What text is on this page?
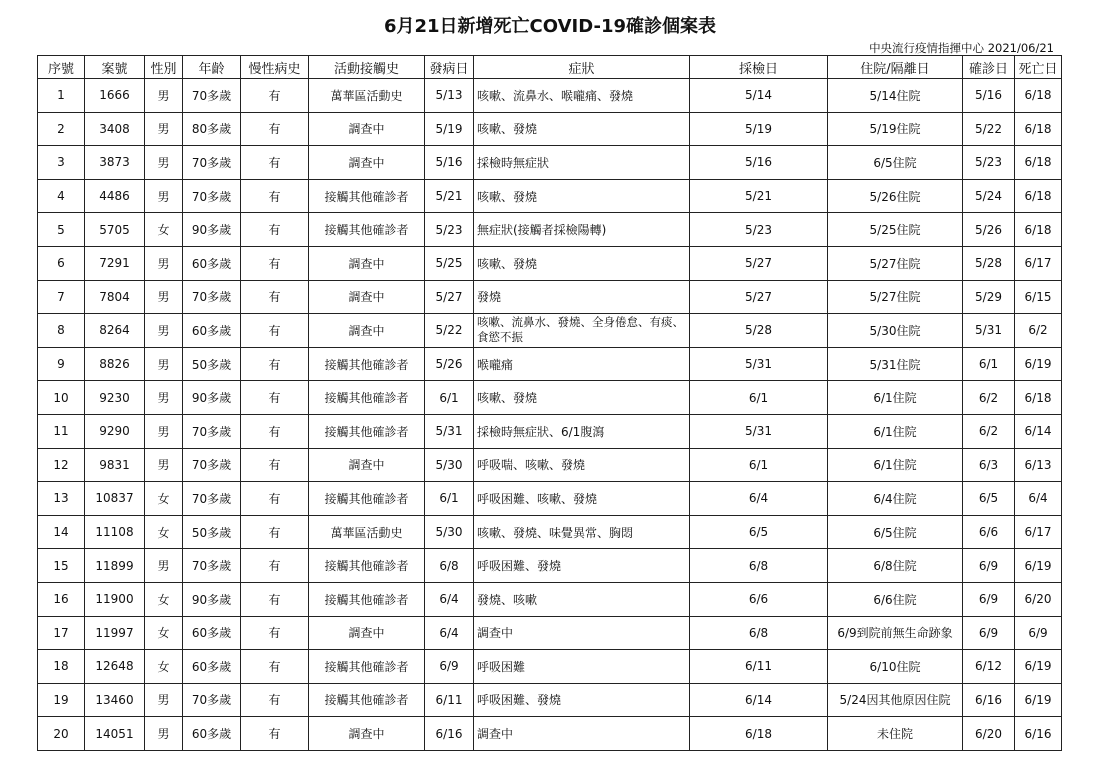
6月21日新增死亡COVID-19確診個案表
中央流行疫情指揮中心 2021/06/21
序號	案號	性別	年齡	慢性病史	活動接觸史	發病日	症狀	採檢日	住院/隔離日	確診日	死亡日
1	1666	男	70多歲	有	萬華區活動史	5/13	咳嗽、流鼻水、喉嚨痛、發燒	5/14	5/14住院	5/16	6/18
2	3408	男	80多歲	有	調查中	5/19	咳嗽、發燒	5/19	5/19住院	5/22	6/18
3	3873	男	70多歲	有	調查中	5/16	採檢時無症狀	5/16	6/5住院	5/23	6/18
4	4486	男	70多歲	有	接觸其他確診者	5/21	咳嗽、發燒	5/21	5/26住院	5/24	6/18
5	5705	女	90多歲	有	接觸其他確診者	5/23	無症狀(接觸者採檢陽轉)	5/23	5/25住院	5/26	6/18
6	7291	男	60多歲	有	調查中	5/25	咳嗽、發燒	5/27	5/27住院	5/28	6/17
7	7804	男	70多歲	有	調查中	5/27	發燒	5/27	5/27住院	5/29	6/15
8	8264	男	60多歲	有	調查中	5/22	咳嗽、流鼻水、發燒、全身倦怠、有痰、食慾不振	5/28	5/30住院	5/31	6/2
9	8826	男	50多歲	有	接觸其他確診者	5/26	喉嚨痛	5/31	5/31住院	6/1	6/19
10	9230	男	90多歲	有	接觸其他確診者	6/1	咳嗽、發燒	6/1	6/1住院	6/2	6/18
11	9290	男	70多歲	有	接觸其他確診者	5/31	採檢時無症狀、6/1腹瀉	5/31	6/1住院	6/2	6/14
12	9831	男	70多歲	有	調查中	5/30	呼吸喘、咳嗽、發燒	6/1	6/1住院	6/3	6/13
13	10837	女	70多歲	有	接觸其他確診者	6/1	呼吸困難、咳嗽、發燒	6/4	6/4住院	6/5	6/4
14	11108	女	50多歲	有	萬華區活動史	5/30	咳嗽、發燒、味覺異常、胸悶	6/5	6/5住院	6/6	6/17
15	11899	男	70多歲	有	接觸其他確診者	6/8	呼吸困難、發燒	6/8	6/8住院	6/9	6/19
16	11900	女	90多歲	有	接觸其他確診者	6/4	發燒、咳嗽	6/6	6/6住院	6/9	6/20
17	11997	女	60多歲	有	調查中	6/4	調查中	6/8	6/9到院前無生命跡象	6/9	6/9
18	12648	女	60多歲	有	接觸其他確診者	6/9	呼吸困難	6/11	6/10住院	6/12	6/19
19	13460	男	70多歲	有	接觸其他確診者	6/11	呼吸困難、發燒	6/14	5/24因其他原因住院	6/16	6/19
20	14051	男	60多歲	有	調查中	6/16	調查中	6/18	未住院	6/20	6/16
